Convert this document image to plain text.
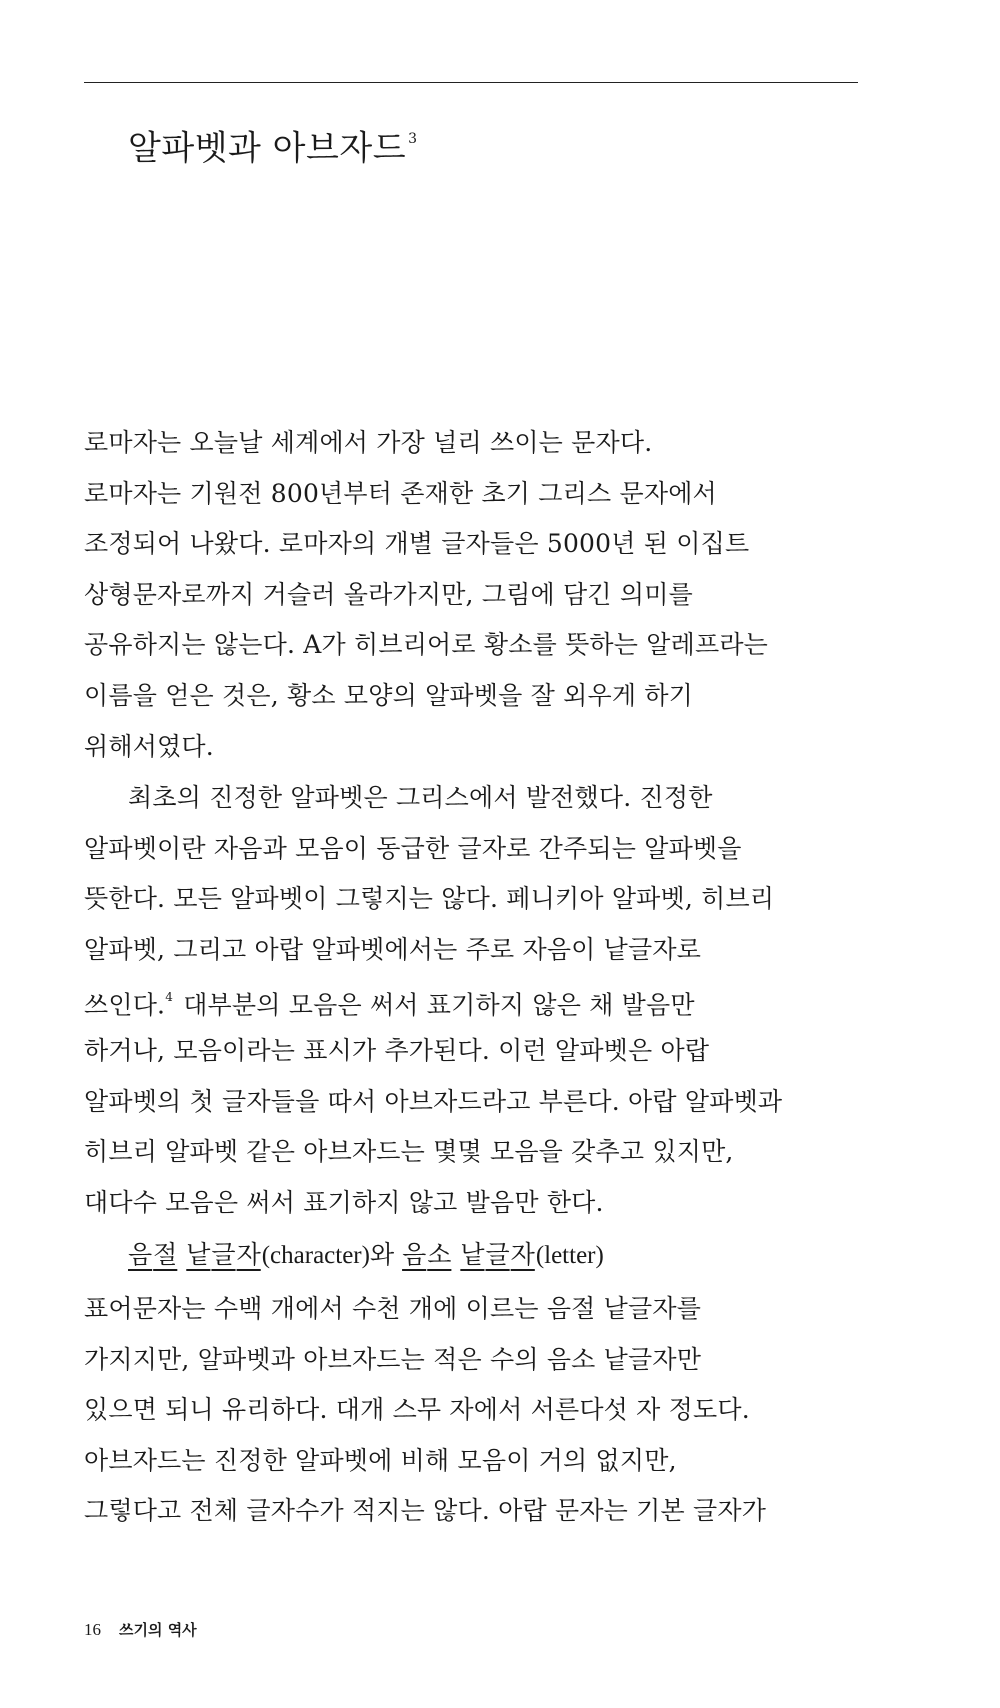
알파벳과 아브자드 $^3$
로마자는 오늘날 세계에서 가장 널리 쓰이는 문자다.
로마자는 기원전 800년부터 존재한 초기 그리스 문자에서
조정되어 나왔다. 로마자의 개별 글자들은 5000년 된 이집트
상형문자로까지 거슬러 올라가지만, 그림에 담긴 의미를
공유하지는 않는다. A가 히브리어로 황소를 뜻하는 알레프라는
이름을 얻은 것은, 황소 모양의 알파벳을 잘 외우게 하기
위해서였다.
최초의 진정한 알파벳은 그리스에서 발전했다. 진정한
알파벳이란 자음과 모음이 동급한 글자로 간주되는 알파벳을
뜻한다. 모든 알파벳이 그렇지는 않다. 페니키아 알파벳, 히브리
알파벳, 그리고 아랍 알파벳에서는 주로 자음이 낱글자로
쓰인다.$^4$ 대부분의 모음은 써서 표기하지 않은 채 발음만
하거나, 모음이라는 표시가 추가된다. 이런 알파벳은 아랍
알파벳의 첫 글자들을 따서 아브자드라고 부른다. 아랍 알파벳과
히브리 알파벳 같은 아브자드는 몇몇 모음을 갖추고 있지만,
대다수 모음은 써서 표기하지 않고 발음만 한다.
음절 낱글자(character)와 음소 낱글자(letter)
표어문자는 수백 개에서 수천 개에 이르는 음절 낱글자를
가지지만, 알파벳과 아브자드는 적은 수의 음소 낱글자만
있으면 되니 유리하다. 대개 스무 자에서 서른다섯 자 정도다.
아브자드는 진정한 알파벳에 비해 모음이 거의 없지만,
그렇다고 전체 글자수가 적지는 않다. 아랍 문자는 기본 글자가
16 쓰기의 역사
